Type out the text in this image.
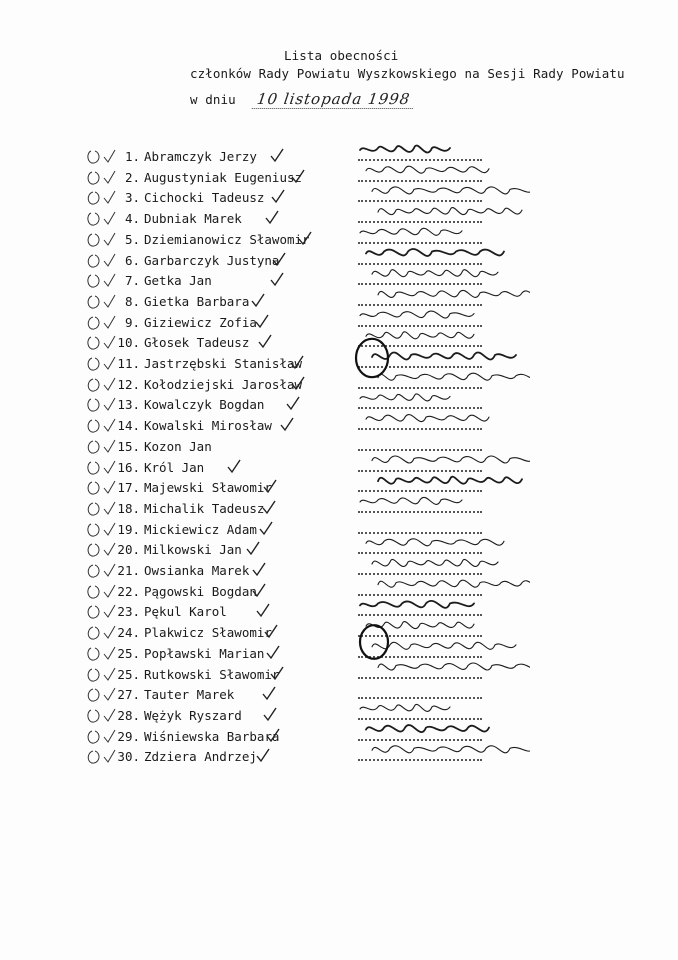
Lista obecności
członków Rady Powiatu Wyszkowskiego na Sesji Rady Powiatu
w dniu 10 listopada 1998
1. Abramczyk Jerzy
2. Augustyniak Eugeniusz
3. Cichocki Tadeusz
4. Dubniak Marek
5. Dziemianowicz Sławomir
6. Garbarczyk Justyna
7. Getka Jan
8. Gietka Barbara
9. Giziewicz Zofia
10. Głosek Tadeusz
11. Jastrzębski Stanisław
12. Kołodziejski Jarosław
13. Kowalczyk Bogdan
14. Kowalski Mirosław
15. Kozon Jan
16. Król Jan
17. Majewski Sławomir
18. Michalik Tadeusz
19. Mickiewicz Adam
20. Milkowski Jan
21. Owsianka Marek
22. Pągowski Bogdan
23. Pękul Karol
24. Plakwicz Sławomir
25. Popławski Marian
25. Rutkowski Sławomir
27. Tauter Marek
28. Wężyk Ryszard
29. Wiśniewska Barbara
30. Zdziera Andrzej
